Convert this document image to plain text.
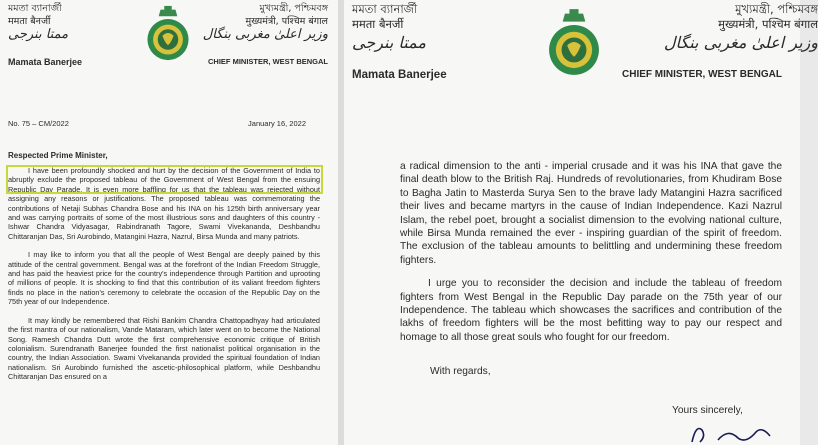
মমতা ব্যানার্জী
ममता बैनर्जी
ممتا بنرجی
Mamata Banerjee
মুখ্যমন্ত্রী, পশ্চিমবঙ্গ
मुख्यमंत्री, पश्चिम बंगाल
وزیر اعلیٰ مغربی بنگال
CHIEF MINISTER, WEST BENGAL
No. 75 – CM/2022	January 16, 2022
Respected Prime Minister,

I have been profoundly shocked and hurt by the decision of the Government of India to abruptly exclude the proposed tableau of the Government of West Bengal from the ensuing Republic Day Parade. It is even more baffling for us that the tableau was rejected without assigning any reasons or justifications. The proposed tableau was commemorating the contributions of Netaji Subhas Chandra Bose and his INA on his 125th birth anniversary year and was carrying portraits of some of the most illustrious sons and daughters of this country - Ishwar Chandra Vidyasagar, Rabindranath Tagore, Swami Vivekananda, Deshbandhu Chittaranjan Das, Sri Aurobindo, Matangini Hazra, Nazrul, Birsa Munda and many patriots.

I may like to inform you that all the people of West Bengal are deeply pained by this attitude of the central government. Bengal was at the forefront of the Indian Freedom Struggle, and has paid the heaviest price for the country's independence through Partition and uprooting of millions of people. It is shocking to find that this contribution of its valiant freedom fighters finds no place in the nation's ceremony to celebrate the occasion of the Republic Day on the 75th year of our Independence.

It may kindly be remembered that Rishi Bankim Chandra Chattopadhyay had articulated the first mantra of our nationalism, Vande Mataram, which later went on to become the National Song. Ramesh Chandra Dutt wrote the first comprehensive economic critique of British colonialism. Surendranath Banerjee founded the first nationalist political organisation in the country, the Indian Association. Swami Vivekananda provided the spiritual foundation of Indian nationalism. Sri Aurobindo furnished the ascetic-philosophical platform, while Deshbandhu Chittaranjan Das ensured on a

মমতা ব্যানার্জী
ममता बैनर्जी
ممتا بنرجی
Mamata Banerjee
মুখ্যমন্ত্রী, পশ্চিমবঙ্গ
मुख्यमंत्री, पश्चिम बंगाल
وزیر اعلیٰ مغربی بنگال
CHIEF MINISTER, WEST BENGAL

a radical dimension to the anti - imperial crusade and it was his INA that gave the final death blow to the British Raj. Hundreds of revolutionaries, from Khudiram Bose to Bagha Jatin to Masterda Surya Sen to the brave lady Matangini Hazra sacrificed their lives and became martyrs in the cause of Indian Independence. Kazi Nazrul Islam, the rebel poet, brought a socialist dimension to the evolving national culture, while Birsa Munda remained the ever - inspiring guardian of the spirit of freedom. The exclusion of the tableau amounts to belittling and undermining these freedom fighters.

I urge you to reconsider the decision and include the tableau of freedom fighters from West Bengal in the Republic Day parade on the 75th year of our Independence. The tableau which showcases the sacrifices and contribution of the lakhs of freedom fighters will be the most befitting way to pay our respect and homage to all those great souls who fought for our freedom.

With regards,
Yours sincerely,
